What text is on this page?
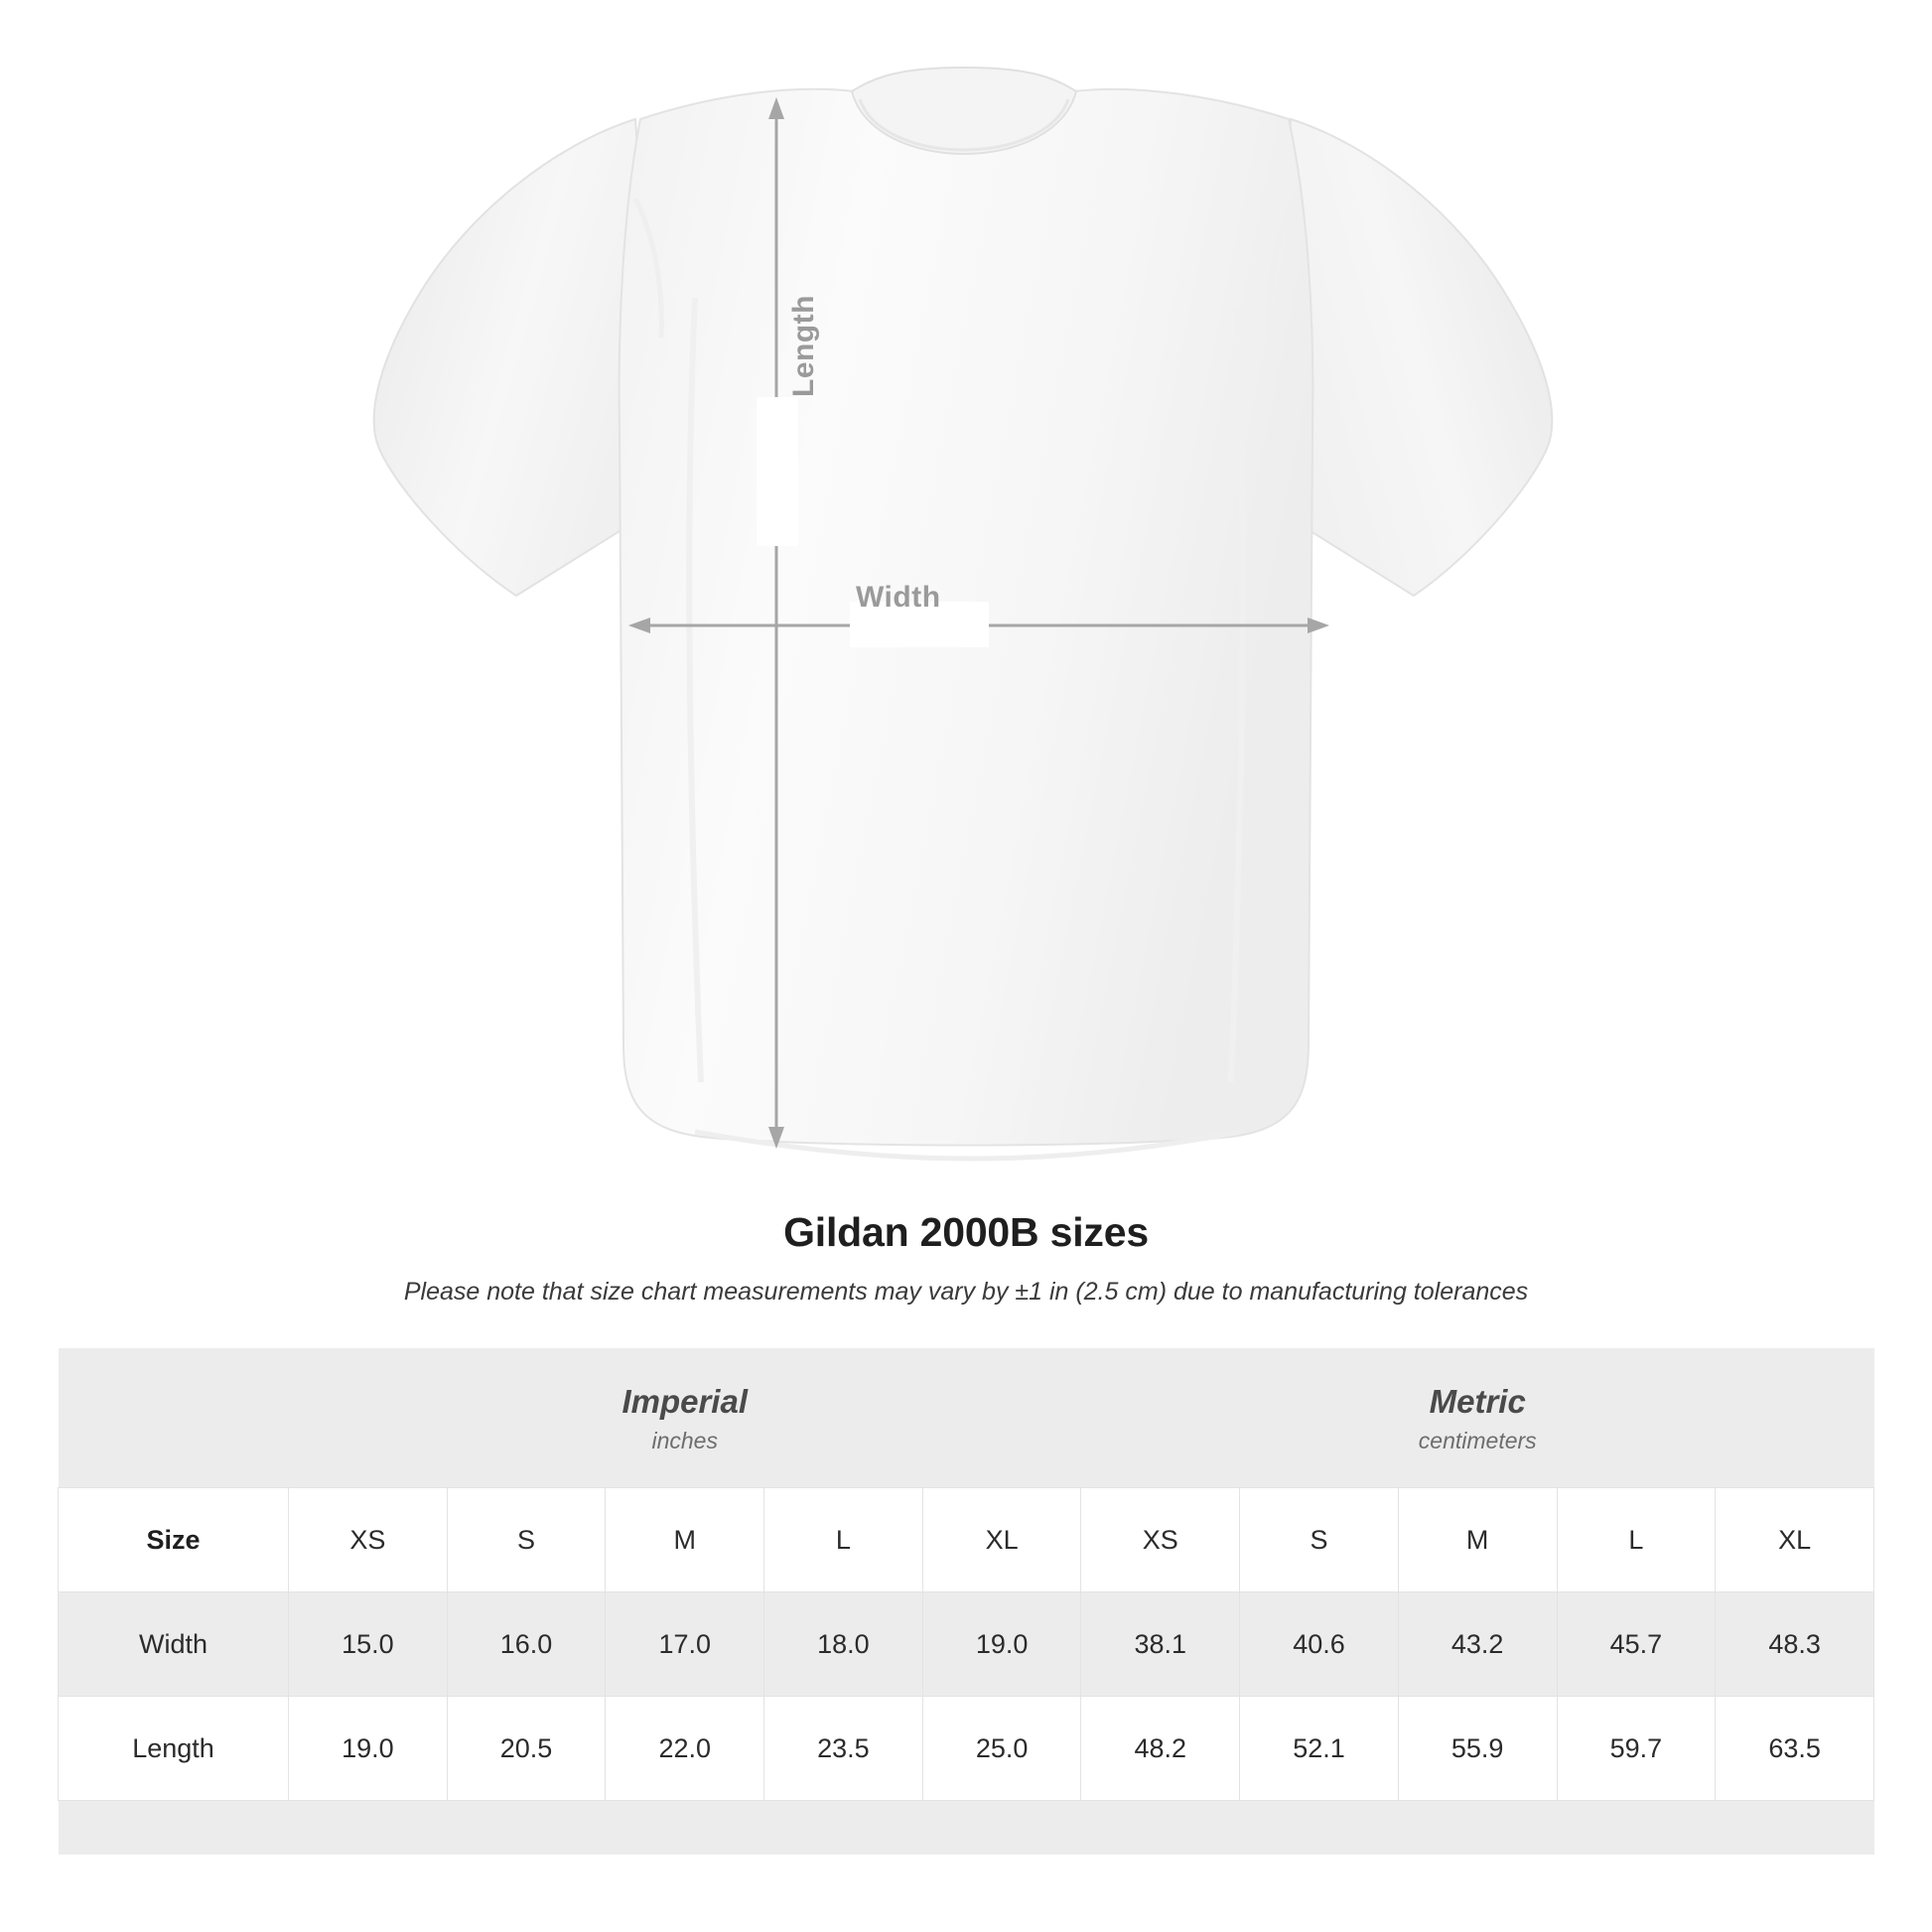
Length
Width
Gildan 2000B sizes
Please note that size chart measurements may vary by ±1 in (2.5 cm) due to manufacturing tolerances

Imperial
inches

Metric
centimeters

Size	XS	S	M	L	XL	XS	S	M	L	XL
Width	15.0	16.0	17.0	18.0	19.0	38.1	40.6	43.2	45.7	48.3
Length	19.0	20.5	22.0	23.5	25.0	48.2	52.1	55.9	59.7	63.5
